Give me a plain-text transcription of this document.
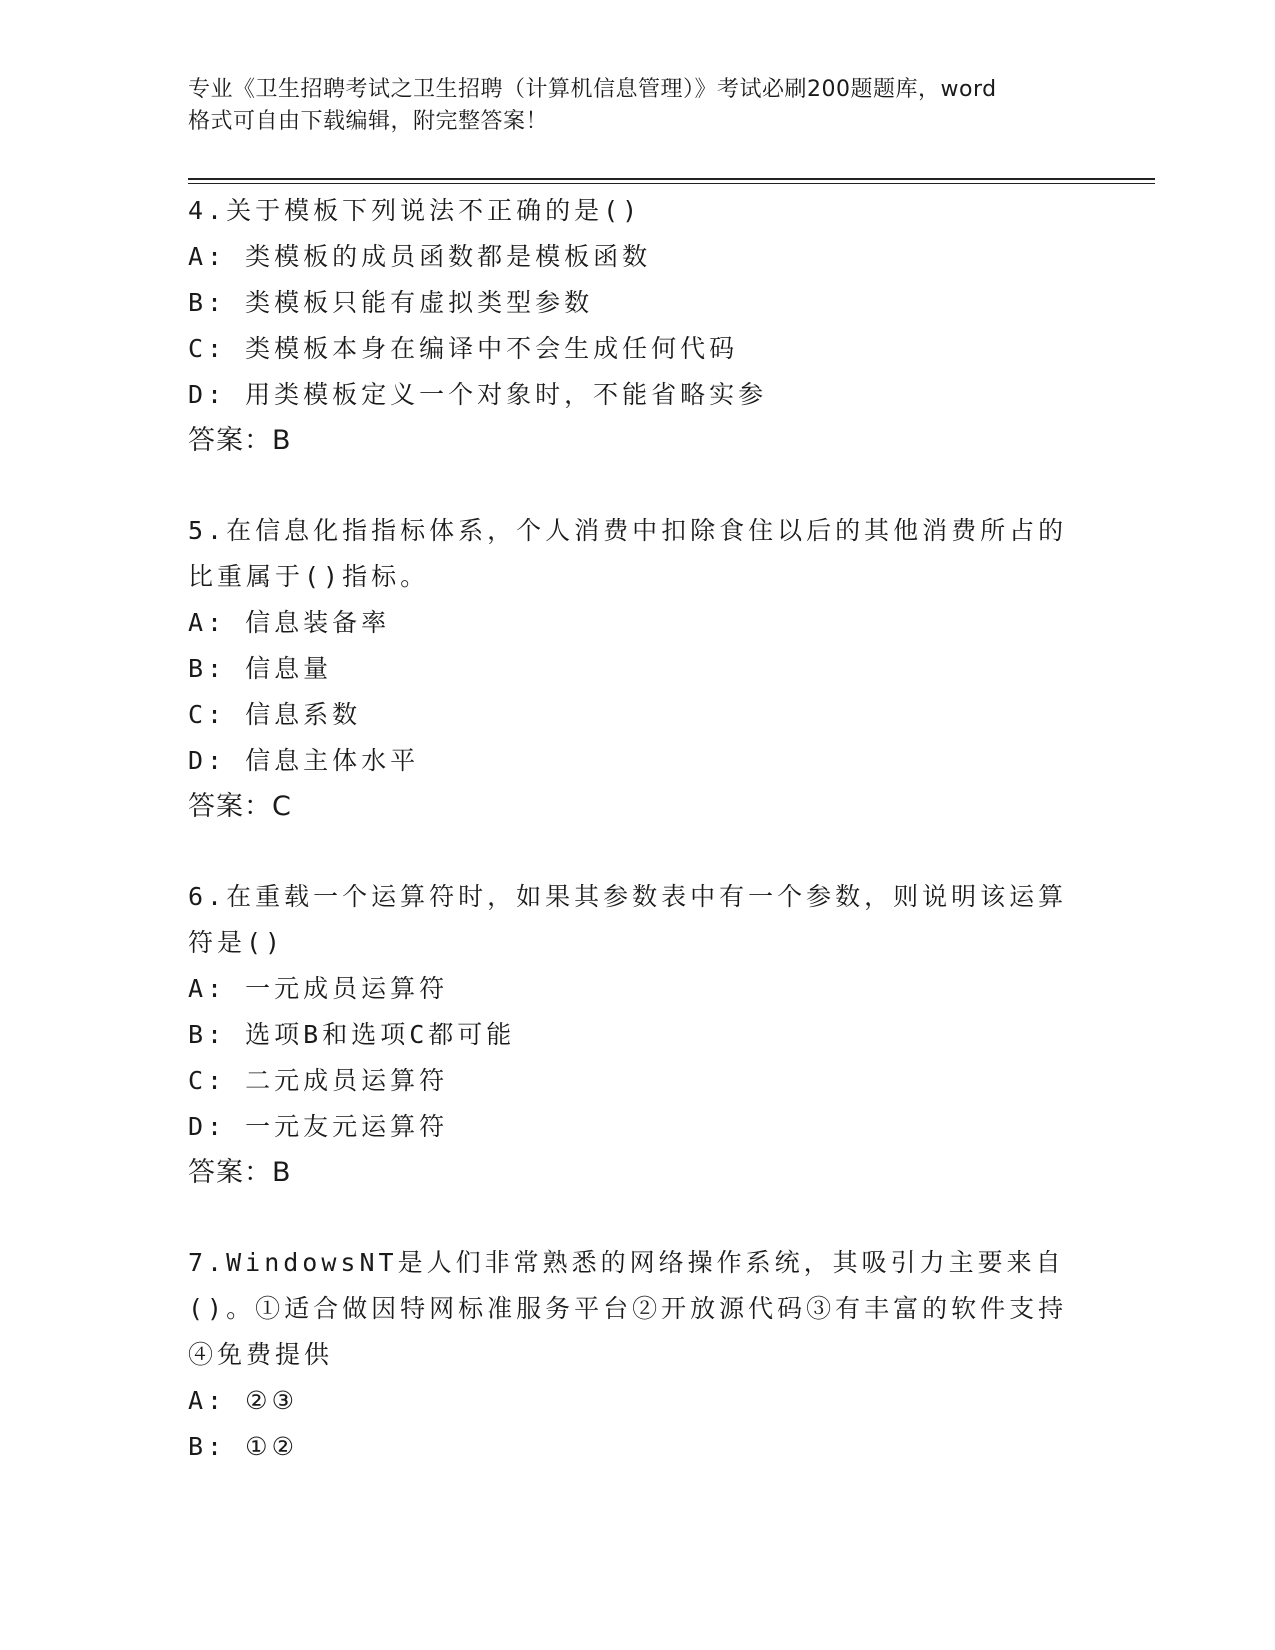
专业《卫生招聘考试之卫生招聘（计算机信息管理）》考试必刷200题题库，word
格式可自由下载编辑，附完整答案！

4.关于模板下列说法不正确的是()

A: 类模板的成员函数都是模板函数

B: 类模板只能有虚拟类型参数

C: 类模板本身在编译中不会生成任何代码

D: 用类模板定义一个对象时，不能省略实参

答案：B

5.在信息化指指标体系，个人消费中扣除食住以后的其他消费所占的比重属于()指标。

A: 信息装备率

B: 信息量

C: 信息系数

D: 信息主体水平

答案：C

6.在重载一个运算符时，如果其参数表中有一个参数，则说明该运算符是()

A: 一元成员运算符

B: 选项B和选项C都可能

C: 二元成员运算符

D: 一元友元运算符

答案：B

7.WindowsNT是人们非常熟悉的网络操作系统，其吸引力主要来自()。①适合做因特网标准服务平台②开放源代码③有丰富的软件支持④免费提供

A: ②③

B: ①②
